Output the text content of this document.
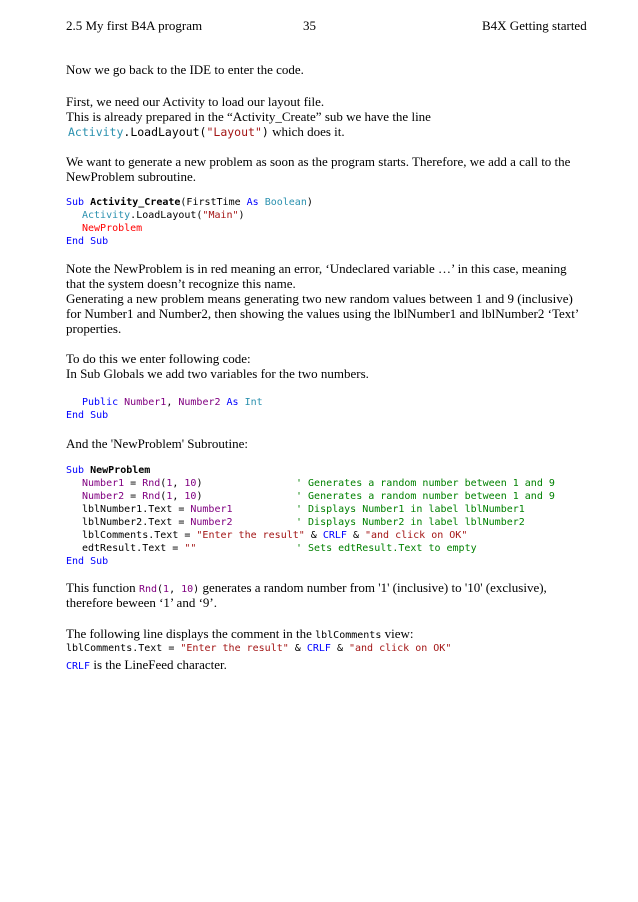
2.5 My first B4A program	35	B4X Getting started
Now we go back to the IDE to enter the code.
First, we need our Activity to load our layout file.
This is already prepared in the “Activity_Create” sub we have the line
Activity.LoadLayout("Layout") which does it.
We want to generate a new problem as soon as the program starts. Therefore, we add a call to the
NewProblem subroutine.
Sub Activity_Create(FirstTime As Boolean)
Activity.LoadLayout("Main")
NewProblem
End Sub
Note the NewProblem is in red meaning an error, ‘Undeclared variable …’ in this case, meaning
that the system doesn’t recognize this name.
Generating a new problem means generating two new random values between 1 and 9 (inclusive)
for Number1 and Number2, then showing the values using the lblNumber1 and lblNumber2 ‘Text’
properties.
To do this we enter following code:
In Sub Globals we add two variables for the two numbers.
Public Number1, Number2 As Int
End Sub
And the 'NewProblem' Subroutine:
Sub NewProblem
Number1 = Rnd(1, 10)	' Generates a random number between 1 and 9
Number2 = Rnd(1, 10)	' Generates a random number between 1 and 9
lblNumber1.Text = Number1	' Displays Number1 in label lblNumber1
lblNumber2.Text = Number2	' Displays Number2 in label lblNumber2
lblComments.Text = "Enter the result" & CRLF & "and click on OK"
edtResult.Text = ""	' Sets edtResult.Text to empty
End Sub
This function Rnd(1, 10) generates a random number from '1' (inclusive) to '10' (exclusive),
therefore beween ‘1’ and ‘9’.
The following line displays the comment in the lblComments view:
lblComments.Text = "Enter the result" & CRLF & "and click on OK"
CRLF is the LineFeed character.
